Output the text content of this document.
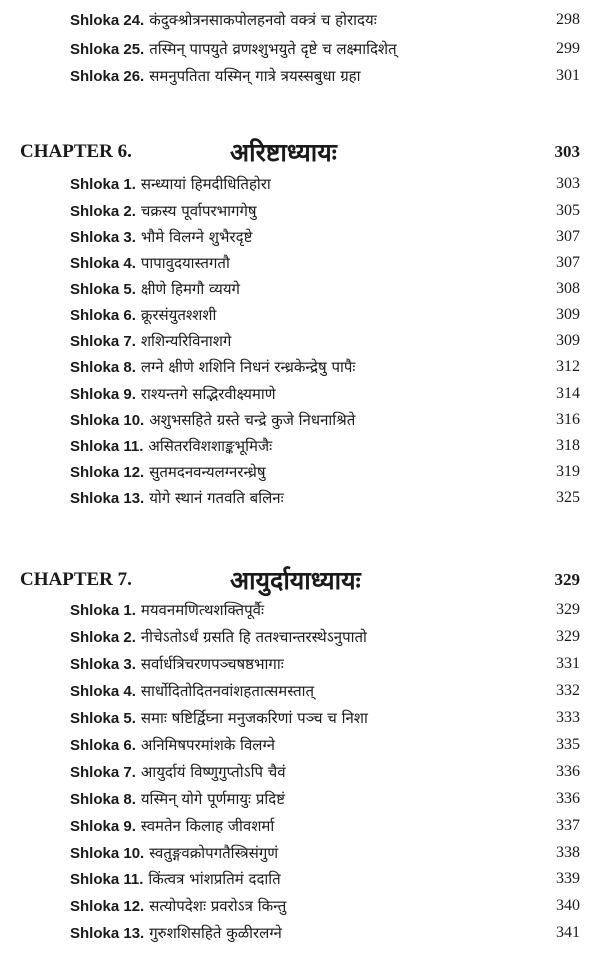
Shloka 24. कंदुक्श्रोत्रनसाकपोलहनवो वक्त्रं च होरादयः	298
Shloka 25. तस्मिन् पापयुते व्रणश्शुभयुते दृष्टे च लक्ष्मादिशेत्	299
Shloka 26. समनुपतिता यस्मिन् गात्रे त्रयस्सबुधा ग्रहा	301
CHAPTER 6.	अरिष्टाध्यायः	303
Shloka 1. सन्ध्यायां हिमदीधितिहोरा	303
Shloka 2. चक्रस्य पूर्वापरभागगेषु	305
Shloka 3. भौमे विलग्ने शुभैरदृष्टे	307
Shloka 4. पापावुदयास्तगतौ	307
Shloka 5. क्षीणे हिमगौ व्ययगे	308
Shloka 6. क्रूरसंयुतश्शशी	309
Shloka 7. शशिन्यरिविनाशगे	309
Shloka 8. लग्ने क्षीणे शशिनि निधनं रन्ध्रकेन्द्रेषु पापैः	312
Shloka 9. राश्यन्तगे सद्भिरवीक्ष्यमाणे	314
Shloka 10. अशुभसहिते ग्रस्ते चन्द्रे कुजे निधनाश्रिते	316
Shloka 11. असितरविशशाङ्कभूमिजैः	318
Shloka 12. सुतमदनवन्यलग्नरन्ध्रेषु	319
Shloka 13. योगे स्थानं गतवति बलिनः	325
CHAPTER 7.	आयुर्दायाध्यायः	329
Shloka 1. मयवनमणित्थशक्तिपूर्वैः	329
Shloka 2. नीचेऽतोऽर्धं ग्रसति हि ततश्चान्तरस्थेऽनुपातो	329
Shloka 3. सर्वार्धत्रिचरणपञ्चषष्ठभागाः	331
Shloka 4. सार्धोदितोदितनवांशहतात्समस्तात्	332
Shloka 5. समाः षष्टिर्द्विघ्ना मनुजकरिणां पञ्च च निशा	333
Shloka 6. अनिमिषपरमांशके विलग्ने	335
Shloka 7. आयुर्दायं विष्णुगुप्तोऽपि चैवं	336
Shloka 8. यस्मिन् योगे पूर्णमायुः प्रदिष्टं	336
Shloka 9. स्वमतेन किलाह जीवशर्मा	337
Shloka 10. स्वतुङ्गवक्रोपगतैस्त्रिसंगुणं	338
Shloka 11. किंत्वत्र भांशप्रतिमं ददाति	339
Shloka 12. सत्योपदेशः प्रवरोऽत्र किन्तु	340
Shloka 13. गुरुशशिसहिते कुळीरलग्ने	341
